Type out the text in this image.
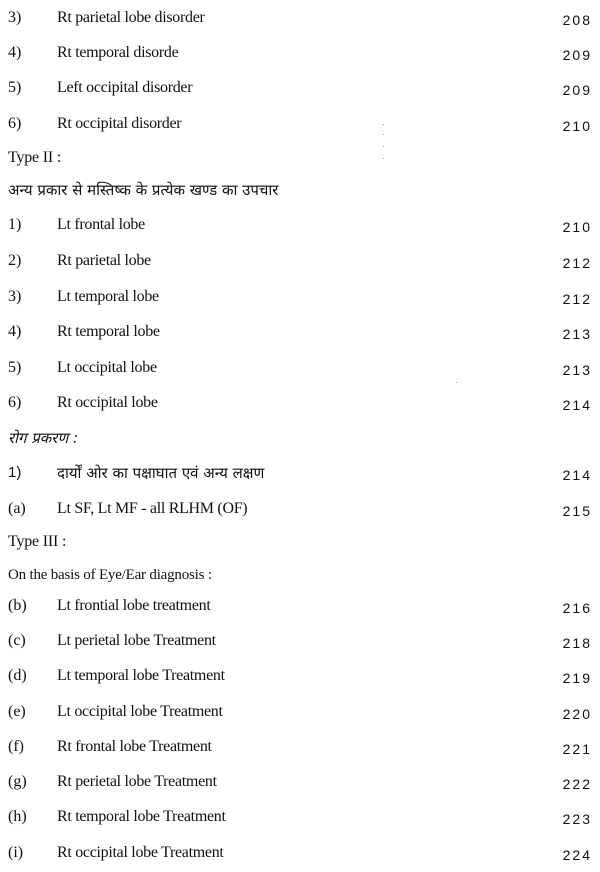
3) Rt parietal lobe disorder	208
4) Rt temporal disorde	209
5) Left occipital disorder	209
6) Rt occipital disorder	210
Type II :
अन्य प्रकार से मस्तिष्क के प्रत्येक खण्ड का उपचार
1) Lt frontal lobe	210
2) Rt parietal lobe	212
3) Lt temporal lobe	212
4) Rt temporal lobe	213
5) Lt occipital lobe	213
6) Rt occipital lobe	214
रोग प्रकरण :
1) दार्यों ओर का पक्षाघात एवं अन्य लक्षण	214
(a) Lt SF, Lt MF - all RLHM (OF)	215
Type III :
On the basis of Eye/Ear diagnosis :
(b) Lt frontial lobe treatment	216
(c) Lt perietal lobe Treatment	218
(d) Lt temporal lobe Treatment	219
(e) Lt occipital lobe Treatment	220
(f) Rt frontal lobe Treatment	221
(g) Rt perietal lobe Treatment	222
(h) Rt temporal lobe Treatment	223
(i) Rt occipital lobe Treatment	224
